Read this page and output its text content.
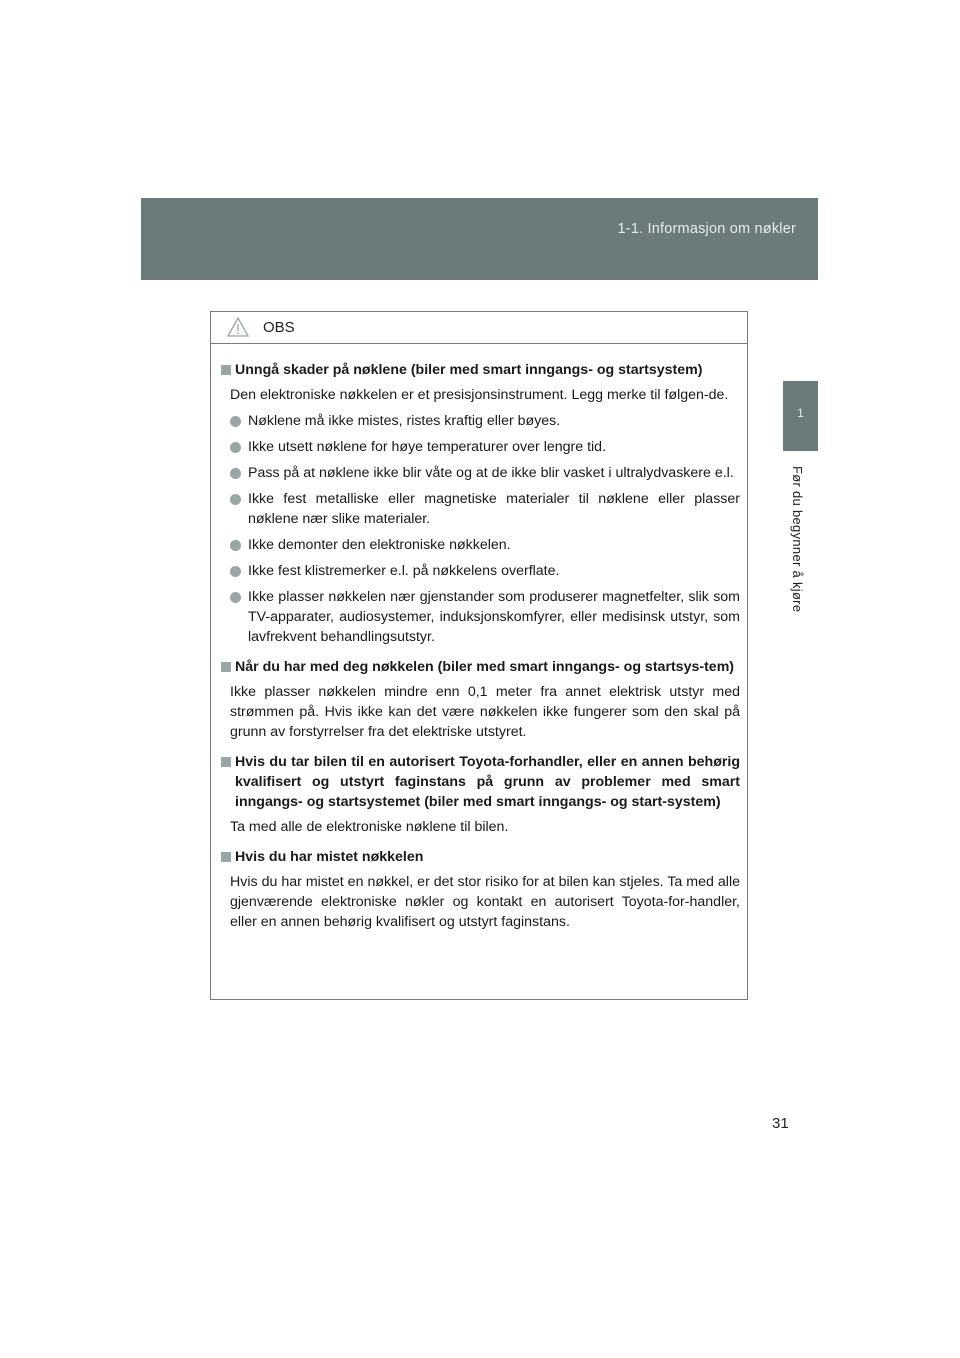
1-1. Informasjon om nøkler
1
Før du begynner å kjøre
OBS
Unngå skader på nøklene (biler med smart inngangs- og startsystem)
Den elektroniske nøkkelen er et presisjonsinstrument. Legg merke til følgen-de.
Nøklene må ikke mistes, ristes kraftig eller bøyes.
Ikke utsett nøklene for høye temperaturer over lengre tid.
Pass på at nøklene ikke blir våte og at de ikke blir vasket i ultralydvaskere e.l.
Ikke fest metalliske eller magnetiske materialer til nøklene eller plasser nøklene nær slike materialer.
Ikke demonter den elektroniske nøkkelen.
Ikke fest klistremerker e.l. på nøkkelens overflate.
Ikke plasser nøkkelen nær gjenstander som produserer magnetfelter, slik som TV-apparater, audiosystemer, induksjonskomfyrer, eller medisinsk utstyr, som lavfrekvent behandlingsutstyr.
Når du har med deg nøkkelen (biler med smart inngangs- og startsys-tem)
Ikke plasser nøkkelen mindre enn 0,1 meter fra annet elektrisk utstyr med strømmen på. Hvis ikke kan det være nøkkelen ikke fungerer som den skal på grunn av forstyrrelser fra det elektriske utstyret.
Hvis du tar bilen til en autorisert Toyota-forhandler, eller en annen behørig kvalifisert og utstyrt faginstans på grunn av problemer med smart inngangs- og startsystemet (biler med smart inngangs- og start-system)
Ta med alle de elektroniske nøklene til bilen.
Hvis du har mistet nøkkelen
Hvis du har mistet en nøkkel, er det stor risiko for at bilen kan stjeles. Ta med alle gjenværende elektroniske nøkler og kontakt en autorisert Toyota-for-handler, eller en annen behørig kvalifisert og utstyrt faginstans.
31
